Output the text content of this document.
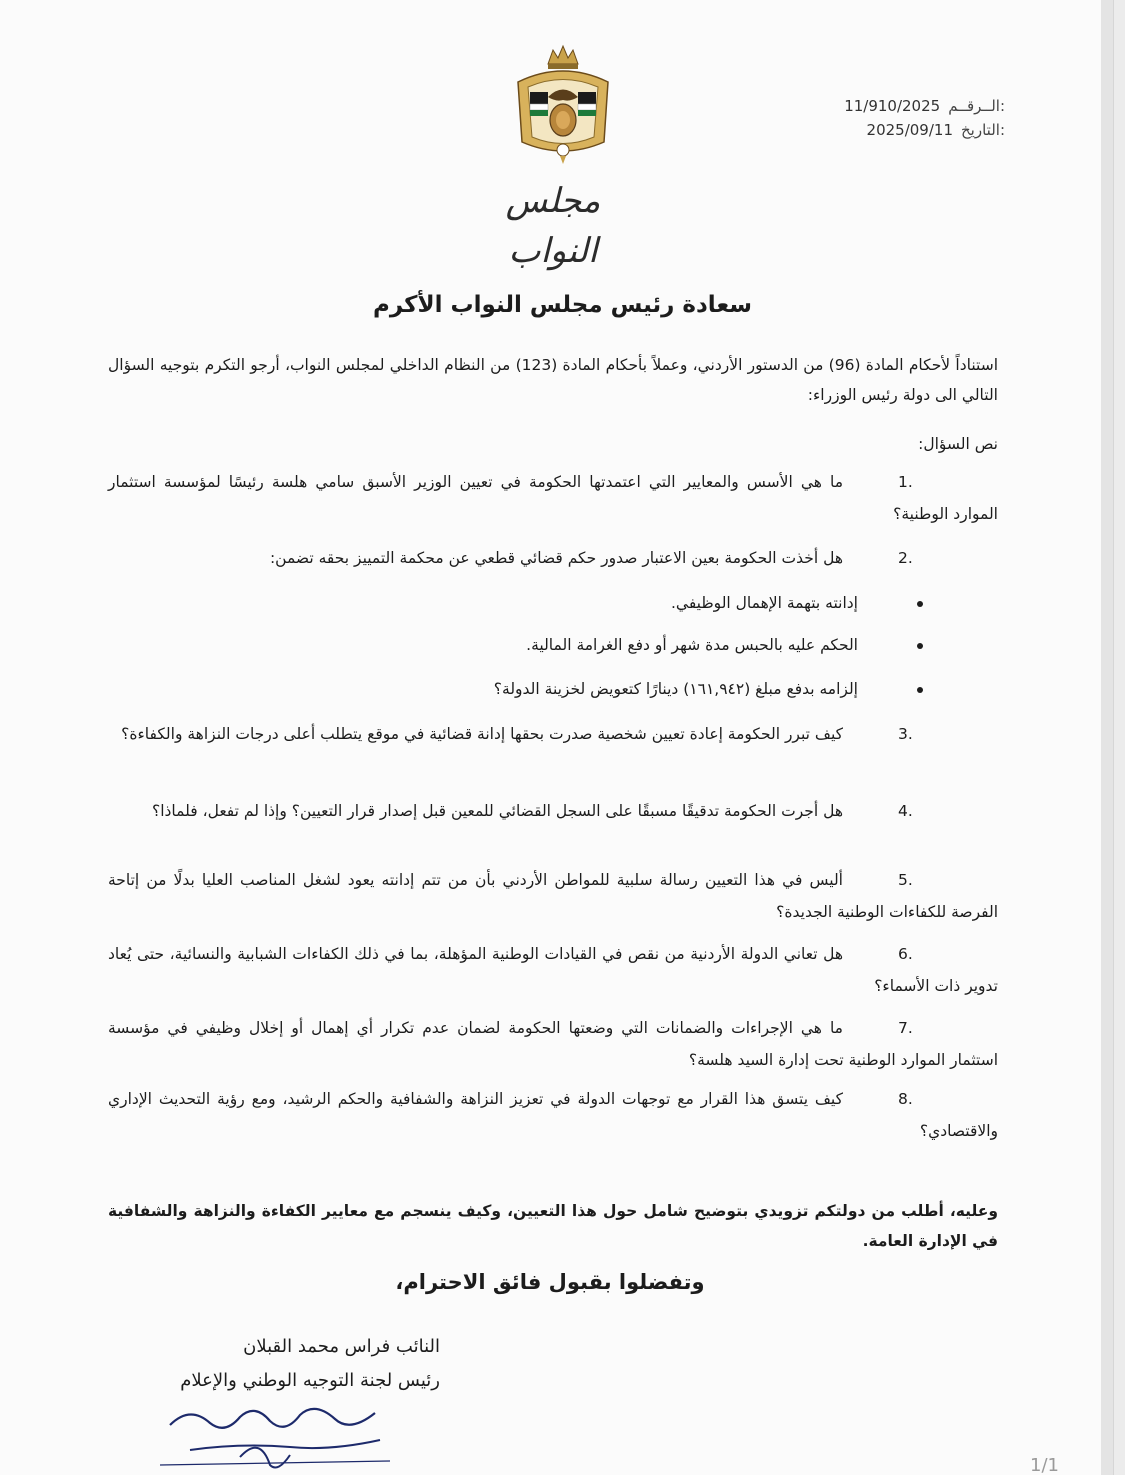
مجلس النواب
الــرقــم:
11/910/2025
التاريخ:
2025/09/11
سعادة رئيس مجلس النواب الأكرم
استناداً لأحكام المادة (96) من الدستور الأردني، وعملاً بأحكام المادة (123) من النظام الداخلي لمجلس النواب، أرجو التكرم بتوجيه السؤال التالي الى دولة رئيس الوزراء:
نص السؤال:
1.
ما هي الأسس والمعايير التي اعتمدتها الحكومة في تعيين الوزير الأسبق سامي هلسة رئيسًا لمؤسسة استثمار الموارد الوطنية؟
2.
هل أخذت الحكومة بعين الاعتبار صدور حكم قضائي قطعي عن محكمة التمييز بحقه تضمن:
إدانته بتهمة الإهمال الوظيفي.
الحكم عليه بالحبس مدة شهر أو دفع الغرامة المالية.
إلزامه بدفع مبلغ (١٦١,٩٤٢) دينارًا كتعويض لخزينة الدولة؟
3.
كيف تبرر الحكومة إعادة تعيين شخصية صدرت بحقها إدانة قضائية في موقع يتطلب أعلى درجات النزاهة والكفاءة؟
4.
هل أجرت الحكومة تدقيقًا مسبقًا على السجل القضائي للمعين قبل إصدار قرار التعيين؟ وإذا لم تفعل، فلماذا؟
5.
أليس في هذا التعيين رسالة سلبية للمواطن الأردني بأن من تتم إدانته يعود لشغل المناصب العليا بدلًا من إتاحة الفرصة للكفاءات الوطنية الجديدة؟
6.
هل تعاني الدولة الأردنية من نقص في القيادات الوطنية المؤهلة، بما في ذلك الكفاءات الشبابية والنسائية، حتى يُعاد تدوير ذات الأسماء؟
7.
ما هي الإجراءات والضمانات التي وضعتها الحكومة لضمان عدم تكرار أي إهمال أو إخلال وظيفي في مؤسسة استثمار الموارد الوطنية تحت إدارة السيد هلسة؟
8.
كيف يتسق هذا القرار مع توجهات الدولة في تعزيز النزاهة والشفافية والحكم الرشيد، ومع رؤية التحديث الإداري والاقتصادي؟
وعليه، أطلب من دولتكم تزويدي بتوضيح شامل حول هذا التعيين، وكيف ينسجم مع معايير الكفاءة والنزاهة والشفافية في الإدارة العامة.
وتفضلوا بقبول فائق الاحترام،
النائب فراس محمد القبلان
رئيس لجنة التوجيه الوطني والإعلام
1/1
